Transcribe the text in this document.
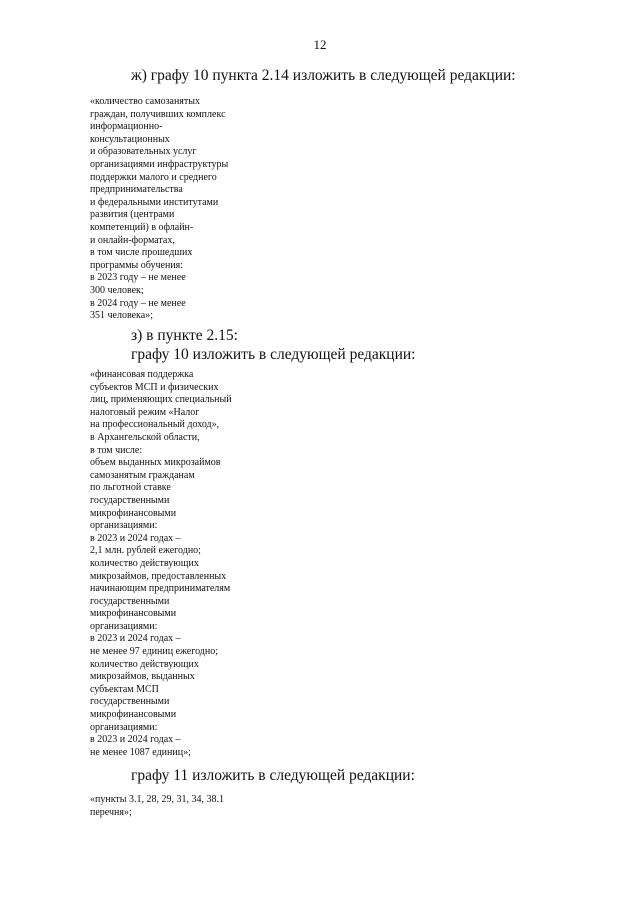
12
ж) графу 10 пункта 2.14 изложить в следующей редакции:
«количество самозанятых
граждан, получивших комплекс
информационно-
консультационных
и образовательных услуг
организациями инфраструктуры
поддержки малого и среднего
предпринимательства
и федеральными институтами
развития (центрами
компетенций) в офлайн-
и онлайн-форматах,
в том числе прошедших
программы обучения:
в 2023 году – не менее
300 человек;
в 2024 году – не менее
351 человека»;
з) в пункте 2.15:
графу 10 изложить в следующей редакции:
«финансовая поддержка
субъектов МСП и физических
лиц, применяющих специальный
налоговый режим «Налог
на профессиональный доход»,
в Архангельской области,
в том числе:
объем выданных микрозаймов
самозанятым гражданам
по льготной ставке
государственными
микрофинансовыми
организациями:
в 2023 и 2024 годах –
2,1 млн. рублей ежегодно;
количество действующих
микрозаймов, предоставленных
начинающим предпринимателям
государственными
микрофинансовыми
организациями:
в 2023 и 2024 годах –
не менее 97 единиц ежегодно;
количество действующих
микрозаймов, выданных
субъектам МСП
государственными
микрофинансовыми
организациями:
в 2023 и 2024 годах –
не менее 1087 единиц»;
графу 11 изложить в следующей редакции:
«пункты 3.1, 28, 29, 31, 34, 38.1
перечня»;
